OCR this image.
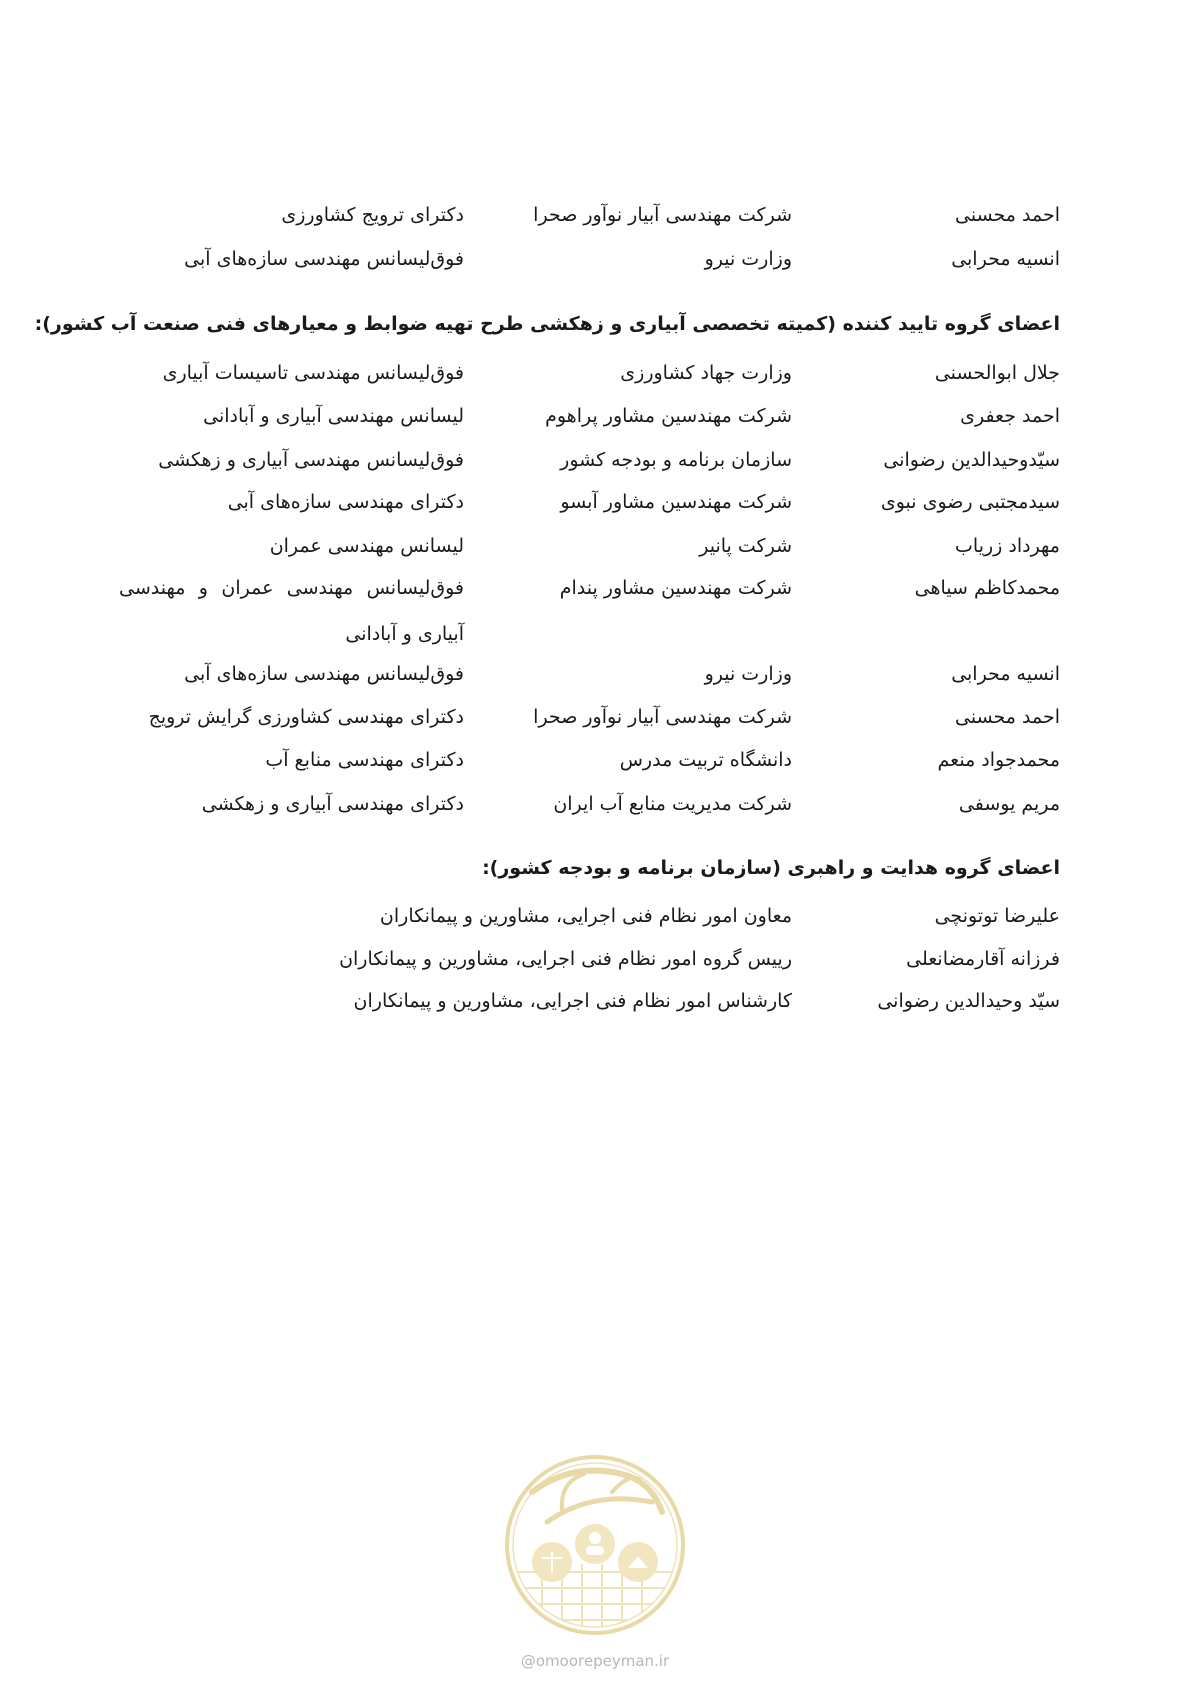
احمد محسنی
شرکت مهندسی آبیار نوآور صحرا
دکترای ترویج کشاورزی
انسیه محرابی
وزارت نیرو
فوق‌لیسانس مهندسی سازه‌های آبی
اعضای گروه تایید کننده (کمیته تخصصی آبیاری و زهکشی طرح تهیه ضوابط و معیارهای فنی صنعت آب کشور):
جلال ابوالحسنی
وزارت جهاد کشاورزی
فوق‌لیسانس مهندسی تاسیسات آبیاری
احمد جعفری
شرکت مهندسین مشاور پراهوم
لیسانس مهندسی آبیاری و آبادانی
سیّدوحیدالدین رضوانی
سازمان برنامه و بودجه کشور
فوق‌لیسانس مهندسی آبیاری و زهکشی
سیدمجتبی رضوی نبوی
شرکت مهندسین مشاور آبسو
دکترای مهندسی سازه‌های آبی
مهرداد زریاب
شرکت پانیر
لیسانس مهندسی عمران
محمدکاظم سیاهی
شرکت مهندسین مشاور پندام
فوق‌لیسانس مهندسی عمران و مهندسی آبیاری و آبادانی
انسیه محرابی
وزارت نیرو
فوق‌لیسانس مهندسی سازه‌های آبی
احمد محسنی
شرکت مهندسی آبیار نوآور صحرا
دکترای مهندسی کشاورزی گرایش ترویج
محمدجواد منعم
دانشگاه تربیت مدرس
دکترای مهندسی منابع آب
مریم یوسفی
شرکت مدیریت منابع آب ایران
دکترای مهندسی آبیاری و زهکشی
اعضای گروه هدایت و راهبری (سازمان برنامه و بودجه کشور):
علیرضا توتونچی
معاون امور نظام فنی اجرایی، مشاورین و پیمانکاران
فرزانه آقارمضانعلی
رییس گروه امور نظام فنی اجرایی، مشاورین و پیمانکاران
سیّد وحیدالدین رضوانی
کارشناس امور نظام فنی اجرایی، مشاورین و پیمانکاران
@omoorepeyman.ir
